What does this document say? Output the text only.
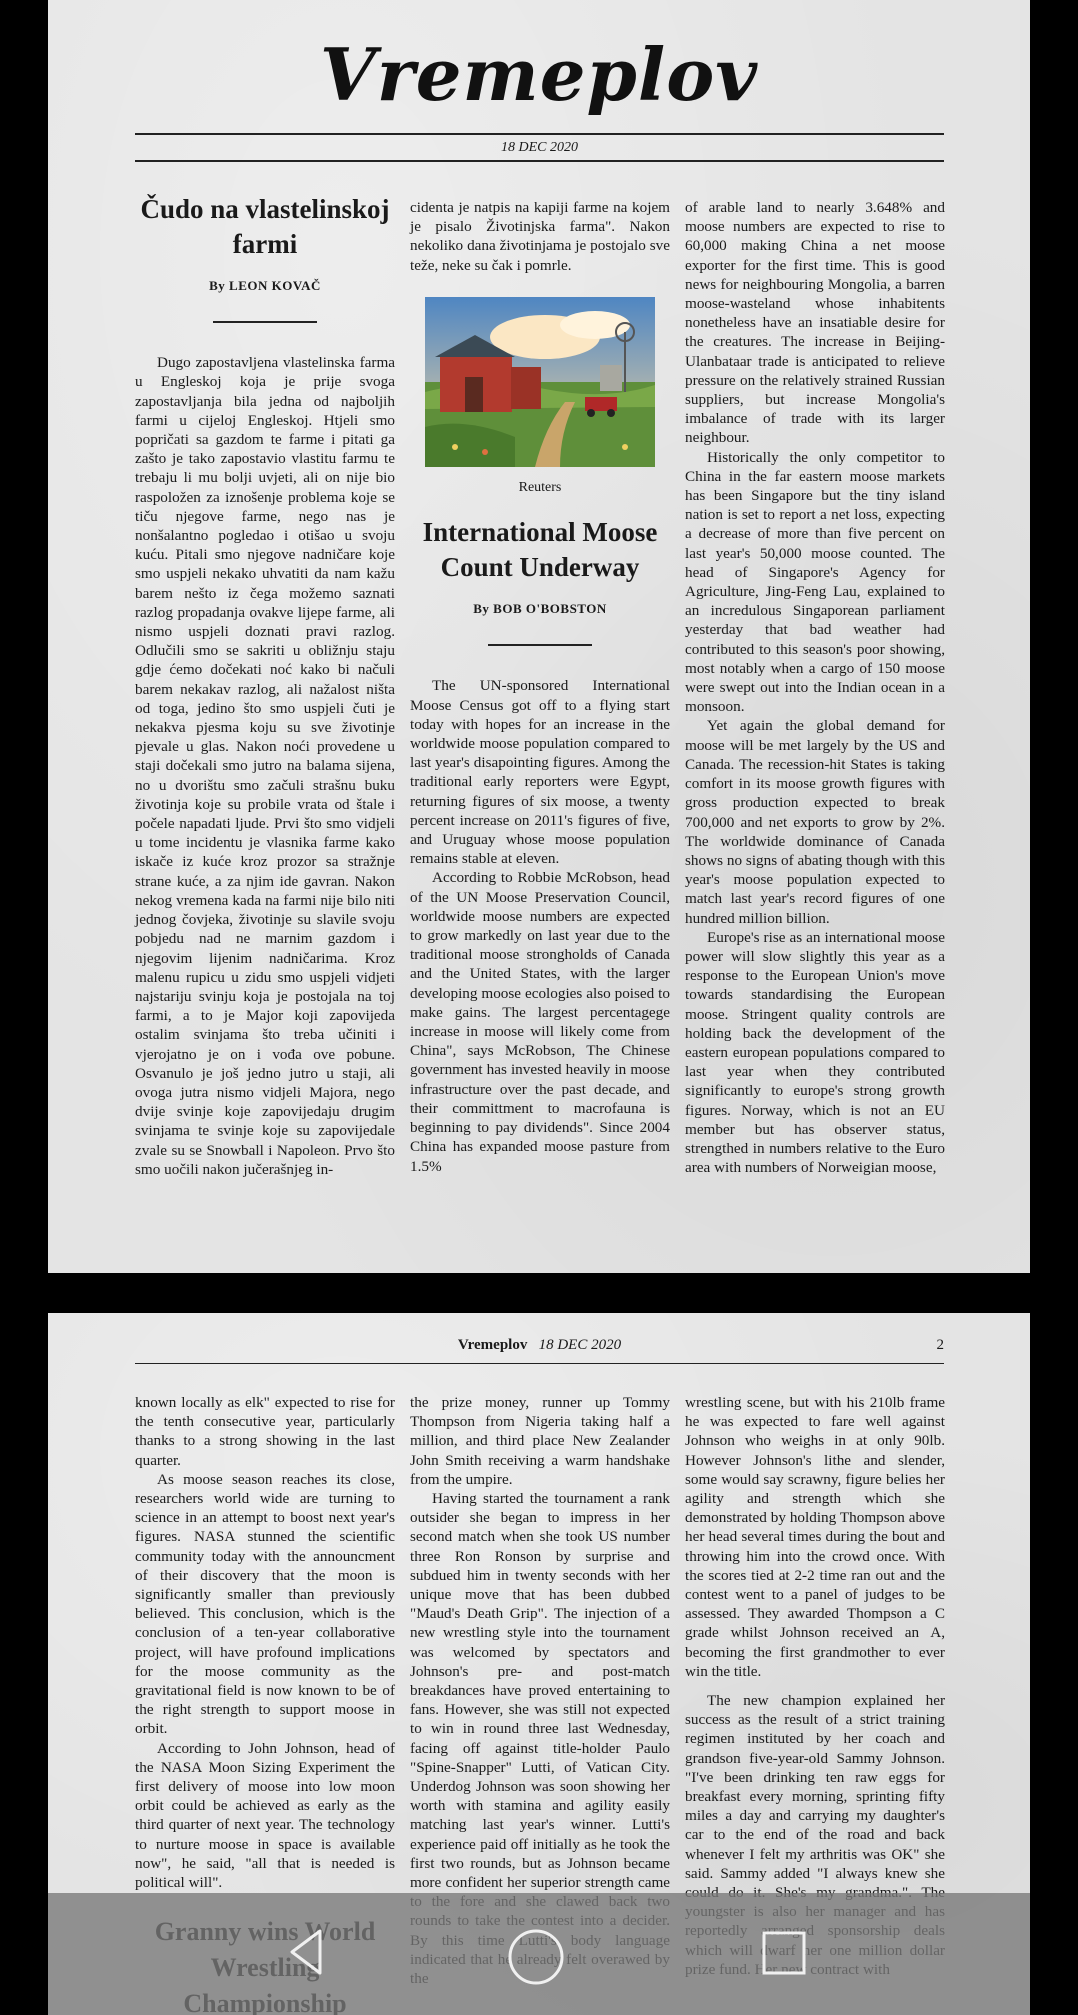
Vremeplov
18 DEC 2020
Čudo na vlastelinskoj farmi
By LEON KOVAČ

Dugo zapostavljena vlastelinska farma u Engleskoj koja je prije svoga zapostavljanja bila jedna od najboljih farmi u cijeloj Engleskoj. Htjeli smo popričati sa gazdom te farme i pitati ga zašto je tako zapostavio vlastitu farmu te trebaju li mu bolji uvjeti, ali on nije bio raspoložen za iznošenje problema koje se tiču njegove farme, nego nas je nonšalantno pogledao i otišao u svoju kuću. Pitali smo njegove nadničare koje smo uspjeli nekako uhvatiti da nam kažu barem nešto iz čega možemo saznati razlog propadanja ovakve lijepe farme, ali nismo uspjeli doznati pravi razlog. Odlučili smo se sakriti u obližnju staju gdje ćemo dočekati noć kako bi načuli barem nekakav razlog, ali nažalost ništa od toga, jedino što smo uspjeli čuti je nekakva pjesma koju su sve životinje pjevale u glas. Nakon noći provedene u staji dočekali smo jutro na balama sijena, no u dvorištu smo začuli strašnu buku životinja koje su probile vrata od štale i počele napadati ljude. Prvi što smo vidjeli u tome incidentu je vlasnika farme kako iskače iz kuće kroz prozor sa stražnje strane kuće, a za njim ide gavran. Nakon nekog vremena kada na farmi nije bilo niti jednog čovjeka, životinje su slavile svoju pobjedu nad ne marnim gazdom i njegovim lijenim nadničarima. Kroz malenu rupicu u zidu smo uspjeli vidjeti najstariju svinju koja je postojala na toj farmi, a to je Major koji zapovijeda ostalim svinjama što treba učiniti i vjerojatno je on i vođa ove pobune. Osvanulo je još jedno jutro u staji, ali ovoga jutra nismo vidjeli Majora, nego dvije svinje koje zapovijedaju drugim svinjama te svinje koje su zapovijedale zvale su se Snowball i Napoleon. Prvo što smo uočili nakon jučerašnjeg in-

cidenta je natpis na kapiji farme na kojem je pisalo Životinjska farma". Nakon nekoliko dana životinjama je postojalo sve teže, neke su čak i pomrle.

Reuters
International Moose Count Underway
By BOB O'BOBSTON

The UN-sponsored International Moose Census got off to a flying start today with hopes for an increase in the worldwide moose population compared to last year's disapointing figures. Among the traditional early reporters were Egypt, returning figures of six moose, a twenty percent increase on 2011's figures of five, and Uruguay whose moose population remains stable at eleven.

According to Robbie McRobson, head of the UN Moose Preservation Council, worldwide moose numbers are expected to grow markedly on last year due to the traditional moose strongholds of Canada and the United States, with the larger developing moose ecologies also poised to make gains. The largest percentagege increase in moose will likely come from China", says McRobson, The Chinese government has invested heavily in moose infrastructure over the past decade, and their committment to macrofauna is beginning to pay dividends". Since 2004 China has expanded moose pasture from 1.5%

of arable land to nearly 3.648% and moose numbers are expected to rise to 60,000 making China a net moose exporter for the first time. This is good news for neighbouring Mongolia, a barren moose-wasteland whose inhabitents nonetheless have an insatiable desire for the creatures. The increase in Beijing-Ulanbataar trade is anticipated to relieve pressure on the relatively strained Russian suppliers, but increase Mongolia's imbalance of trade with its larger neighbour.

Historically the only competitor to China in the far eastern moose markets has been Singapore but the tiny island nation is set to report a net loss, expecting a decrease of more than five percent on last year's 50,000 moose counted. The head of Singapore's Agency for Agriculture, Jing-Feng Lau, explained to an incredulous Singaporean parliament yesterday that bad weather had contributed to this season's poor showing, most notably when a cargo of 150 moose were swept out into the Indian ocean in a monsoon.

Yet again the global demand for moose will be met largely by the US and Canada. The recession-hit States is taking comfort in its moose growth figures with gross production expected to break 700,000 and net exports to grow by 2%. The worldwide dominance of Canada shows no signs of abating though with this year's moose population expected to match last year's record figures of one hundred million billion.

Europe's rise as an international moose power will slow slightly this year as a response to the European Union's move towards standardising the European moose. Stringent quality controls are holding back the development of the eastern european populations compared to last year when they contributed significantly to europe's strong growth figures. Norway, which is not an EU member but has observer status, strengthed in numbers relative to the Euro area with numbers of Norweigian moose,

Vremeplov 18 DEC 2020	2

known locally as elk" expected to rise for the tenth consecutive year, particularly thanks to a strong showing in the last quarter.

As moose season reaches its close, researchers world wide are turning to science in an attempt to boost next year's figures. NASA stunned the scientific community today with the announcment of their discovery that the moon is significantly smaller than previously believed. This conclusion, which is the conclusion of a ten-year collaborative project, will have profound implications for the moose community as the gravitational field is now known to be of the right strength to support moose in orbit.

According to John Johnson, head of the NASA Moon Sizing Experiment the first delivery of moose into low moon orbit could be achieved as early as the third quarter of next year. The technology to nurture moose in space is available now", he said, "all that is needed is political will".

the prize money, runner up Tommy Thompson from Nigeria taking half a million, and third place New Zealander John Smith receiving a warm handshake from the umpire.

Having started the tournament a rank outsider she began to impress in her second match when she took US number three Ron Ronson by surprise and subdued him in twenty seconds with her unique move that has been dubbed "Maud's Death Grip". The injection of a new wrestling style into the tournament was welcomed by spectators and Johnson's pre- and post-match breakdances have proved entertaining to fans. However, she was still not expected to win in round three last Wednesday, facing off against title-holder Paulo "Spine-Snapper" Lutti, of Vatican City. Underdog Johnson was soon showing her worth with stamina and agility easily matching last year's winner. Lutti's experience paid off initially as he took the first two rounds, but as Johnson became more confident her superior strength came

wrestling scene, but with his 210lb frame he was expected to fare well against Johnson who weighs in at only 90lb. However Johnson's lithe and slender, some would say scrawny, figure belies her agility and strength which she demonstrated by holding Thompson above her head several times during the bout and throwing him into the crowd once. With the scores tied at 2-2 time ran out and the contest went to a panel of judges to be assessed. They awarded Thompson a C grade whilst Johnson received an A, becoming the first grandmother to ever win the title.

The new champion explained her success as the result of a strict training regimen instituted by her coach and grandson five-year-old Sammy Johnson. "I've been drinking ten raw eggs for breakfast every morning, sprinting fifty miles a day and carrying my daughter's car to the end of the road and back whenever I felt my arthritis was OK" she said. Sammy added "I always knew she
